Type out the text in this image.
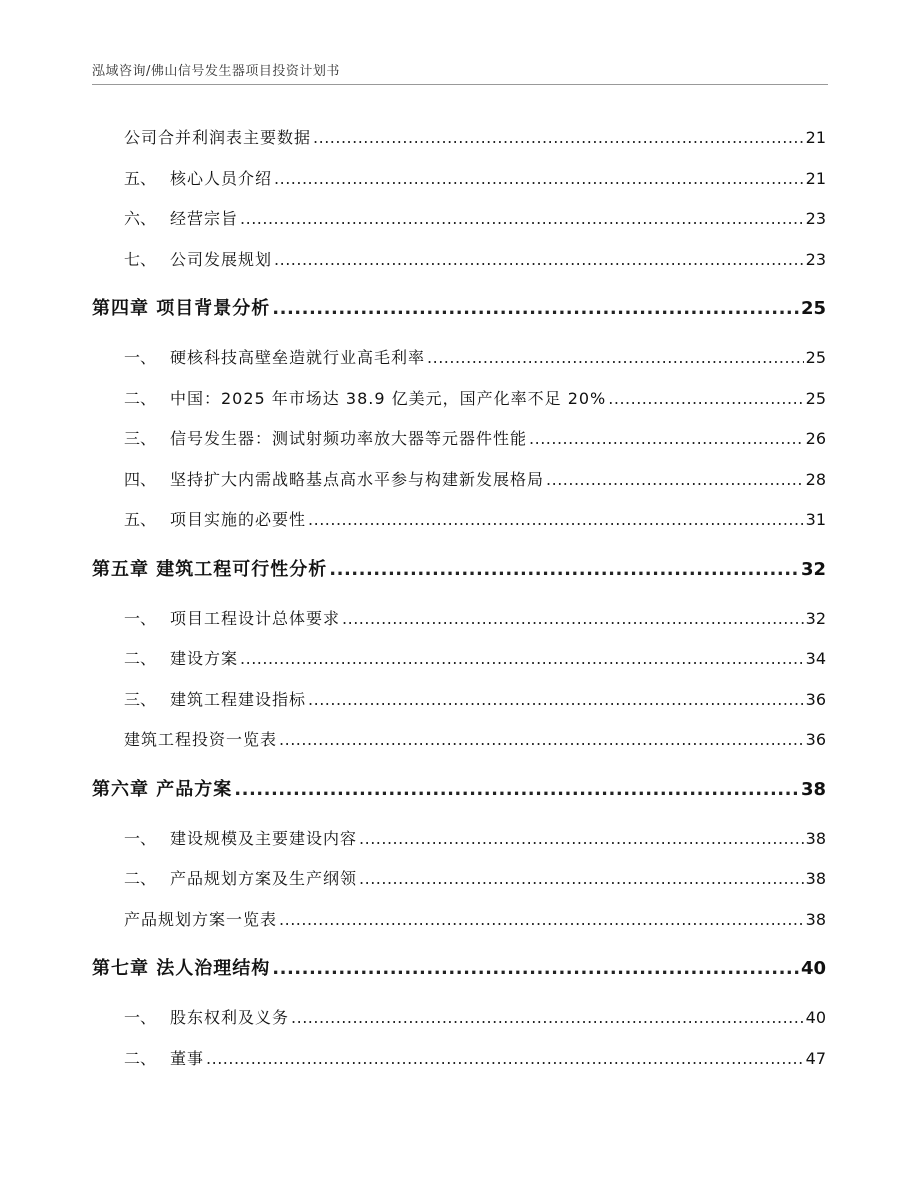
泓域咨询/佛山信号发生器项目投资计划书
公司合并利润表主要数据 .....	21
五、 核心人员介绍 .....	21
六、 经营宗旨 .....	23
七、 公司发展规划 .....	23
第四章 项目背景分析 .....	25
一、 硬核科技高壁垒造就行业高毛利率 .....	25
二、 中国：2025 年市场达 38.9 亿美元，国产化率不足 20% .....	25
三、 信号发生器：测试射频功率放大器等元器件性能 .....	26
四、 坚持扩大内需战略基点高水平参与构建新发展格局 .....	28
五、 项目实施的必要性 .....	31
第五章 建筑工程可行性分析 .....	32
一、 项目工程设计总体要求 .....	32
二、 建设方案 .....	34
三、 建筑工程建设指标 .....	36
建筑工程投资一览表 .....	36
第六章 产品方案 .....	38
一、 建设规模及主要建设内容 .....	38
二、 产品规划方案及生产纲领 .....	38
产品规划方案一览表 .....	38
第七章 法人治理结构 .....	40
一、 股东权利及义务 .....	40
二、 董事 .....	47
